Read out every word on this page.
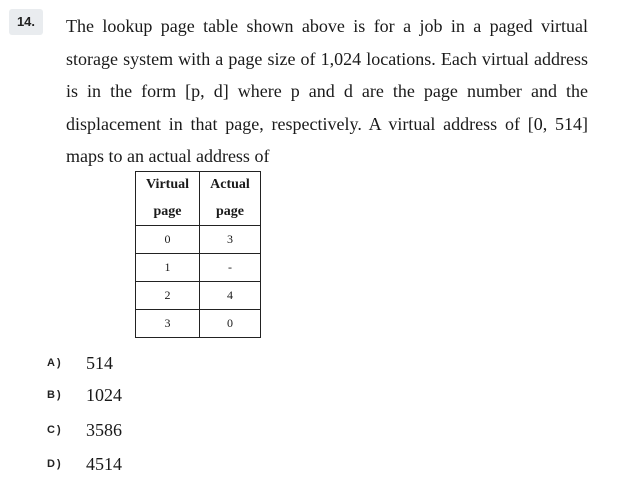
14.	The lookup page table shown above is for a job in a paged virtual storage system with a page size of 1,024 locations. Each virtual address is in the form [p, d] where p and d are the page number and the displacement in that page, respectively. A virtual address of [0, 514] maps to an actual address of

Virtual	Actual
page	page
0	3
1	-
2	4
3	0
A) 514
B) 1024
C) 3586
D) 4514
